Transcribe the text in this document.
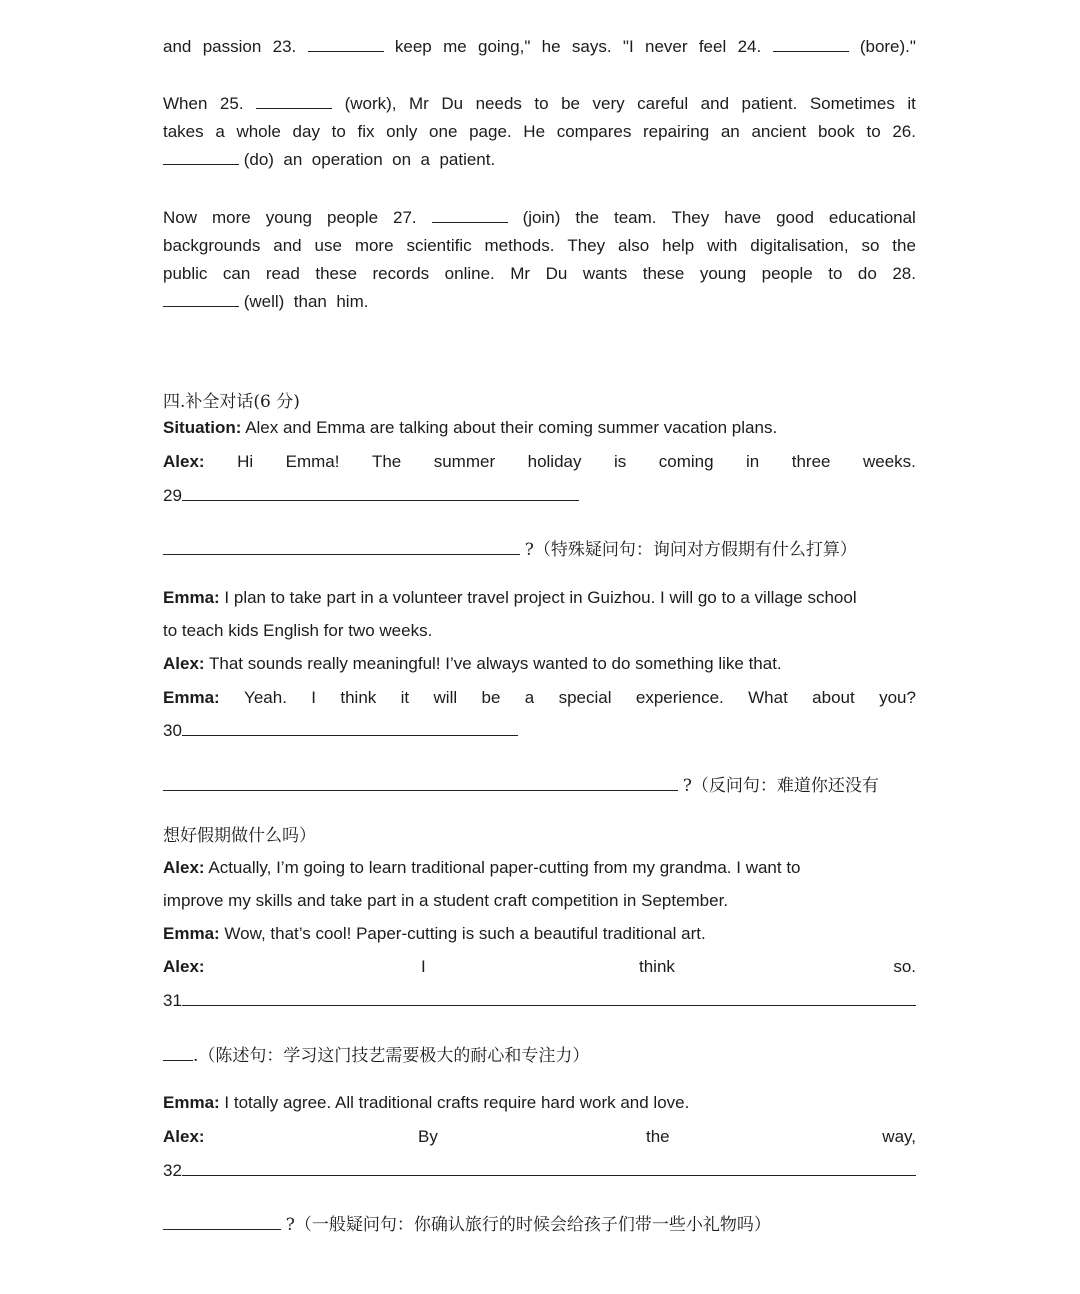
and passion 23.	keep me going," he says. "I never feel 24.	(bore)."
When 25.	(work), Mr Du needs to be very careful and patient. Sometimes it
takes a whole day to fix only one page. He compares repairing an ancient book to 26.
(do) an operation on a patient.
Now more young people 27.	(join) the team. They have good educational
backgrounds and use more scientific methods. They also help with digitalisation, so the
public can read these records online. Mr Du wants these young people to do 28.
(well) than him.
四.补全对话(6 分)
Situation: Alex and Emma are talking about their coming summer vacation plans.
Alex: Hi Emma! The summer holiday is coming in three weeks.
29
?（特殊疑问句：询问对方假期有什么打算）
Emma: I plan to take part in a volunteer travel project in Guizhou. I will go to a village school
to teach kids English for two weeks.
Alex: That sounds really meaningful! I’ve always wanted to do something like that.
Emma: Yeah. I think it will be a special experience. What about you?
30
?（反问句：难道你还没有
想好假期做什么吗）
Alex: Actually, I’m going to learn traditional paper-cutting from my grandma. I want to
improve my skills and take part in a student craft competition in September.
Emma: Wow, that’s cool! Paper-cutting is such a beautiful traditional art.
Alex:	I	think	so.
31
.（陈述句：学习这门技艺需要极大的耐心和专注力）
Emma: I totally agree. All traditional crafts require hard work and love.
Alex:	By	the	way,
32
?（一般疑问句：你确认旅行的时候会给孩子们带一些小礼物吗）
